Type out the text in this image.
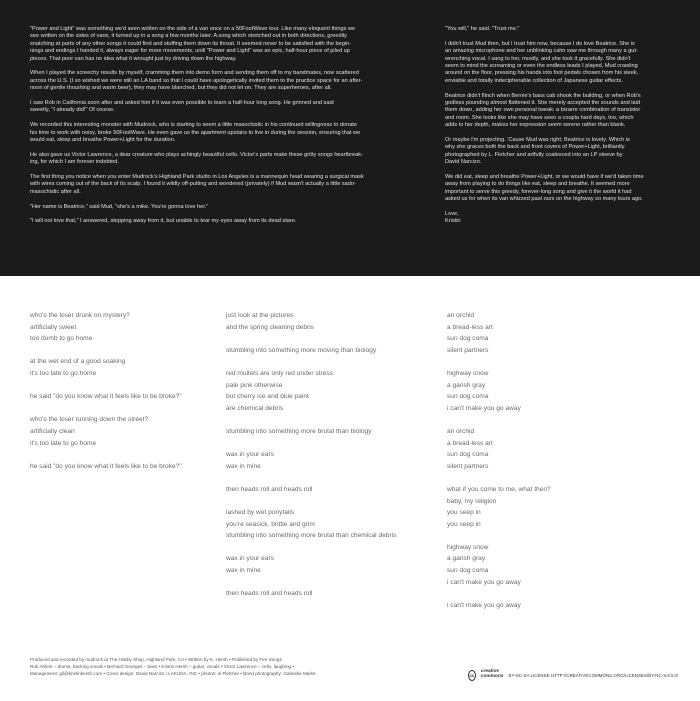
"Power and Light" was something we'd seen written on the side of a van once on a 50FootWave tour. Like many eloquent things we
see written on the sides of vans, it turned up in a song a few months later. A song which stretched out in both directions, greedily
snatching at parts of any other songs it could find and stuffing them down its throat. It seemed never to be satisfied with the begin-
nings and endings I handed it, always eager for more movements, until "Power and Light" was an epic, half-hour piece of piled up
pieces. That poor van has no idea what it wrought just by driving down the highway.

When I played the screechy results by myself, cramming them into demo form and sending them off to my bandmates, now scattered
across the U.S. (I so wished we were still an LA band so that I could have apologetically invited them to the practice space for an after-
noon of gentle thrashing and warm beer), they may have blanched, but they did not let on. They are superheroes, after all.

I saw Rob in California soon after and asked him if it was even possible to learn a half-hour long song. He grinned and said
sweetly, "I already did!" Of course.

We recorded this interesting monster with Mudrock, who is starting to seem a little masochistic in his continued willingness to donate
his time to work with noisy, broke 50FootWave. He even gave us the apartment upstairs to live in during the session, ensuring that we
would eat, sleep and breathe Power+Light for the duration.

He also gave us Victor Lawrence, a dear creature who plays achingly beautiful cello. Victor's parts make these gritty songs heartbreak-
ing, for which I am forever indebted.

The first thing you notice when you enter Mudrock's Highland Park studio in Los Angeles is a mannequin head wearing a surgical mask
with wires coming out of the back of its scalp. I found it wildly off-putting and wondered (privately) if Mud wasn't actually a little sado-
masochistic after all.

"Her name is Beatrice," said Mud, "she's a mike. You're gonna love her."

"I will not love that," I answered, stepping away from it, but unable to tear my eyes away from its dead stare.

"You will," he said. "Trust me."

I didn't trust Mud then, but I trust him now, because I do love Beatrice. She is
an amazing microphone and her unblinking calm saw me through many a gut-
wrenching vocal. I sang to her, mostly, and she took it gracefully. She didn't
seem to mind the screaming or even the endless leads I played, Mud crawling
around on the floor, pressing his hands into foot pedals chosen from his sleek,
enviable and totally indecipherable collection of Japanese guitar effects.

Beatrice didn't flinch when Bernie's bass cab shook the building, or when Rob's
godless pounding almost flattened it. She merely accepted the sounds and laid
them down, adding her own personal tweak: a bizarre combination of transistor
and room. She looks like she may have seen a coupla hard days, too, which
adds to her depth, makes her expression seem serene rather than blank.

Or maybe I'm projecting. 'Cause Mud was right; Beatrice is lovely. Which is
why she graces both the back and front covers of Power+Light, brilliantly
photographed by L. Fletcher and artfully coalesced into an LP sleeve by
David Narcizo.

We did eat, sleep and breathe Power+Light, or we would have if we'd taken time
away from playing to do things like eat, sleep and breathe. It seemed more
important to serve this greedy, forever-long song and give it the world it had
asked us for when its van whizzed past ours on the highway so many tours ago.

Love,

Kristin

who's the loser drunk on mystery?
artificially sweet
too dumb to go home
at the wet end of a good soaking
it's too late to go home
he said "do you know what it feels like to be broke?"
who's the loser running down the street?
artificially clean
it's too late to go home
he said "do you know what it feels like to be broke?"
just look at the pictures
and the spring cleaning debris
stumbling into something more moving than biology
red mullets are only red under stress
pale pink otherwise
but cherry ice and blue paint
are chemical debris
stumbling into something more brutal than biology
wax in your ears
wax in mine
then heads roll and heads roll
lashed by wet ponytails
you're seasick, brittle and grim
stumbling into something more brutal than chemical debris
wax in your ears
wax in mine
then heads roll and heads roll
an orchid
a bread-less art
sun dog coma
silent partners
highway snow
a garish gray
sun dog coma
i can't make you go away
an orchid
a bread-less art
sun dog coma
silent partners
what if you come to me, what then?
baby, my religion
you seep in
you seep in
highway snow
a garish gray
sun dog coma
i can't make you go away
i can't make you go away
Produced and recorded by mudrock at The Hobby Shop, Highland Park, CA • Written by K. Hersh • Published by Fire Songs
Rob Ahlers – drums, backing vocals • Bernard Georges – bass • Kristin Hersh – guitar, vocals • Victor Lawrence – cello, laughing •
Management: gil@kristinhersh.com • Cover design: David Narcizo / LAKUNA, INC • photos: el Fletcher • Band photography: Gabriella Marks	cc
creative
commons BY-NC-SA LICENSE HTTP://CREATIVECOMMONS.ORG/LICENSES/BY-NC-SA/3.0/
